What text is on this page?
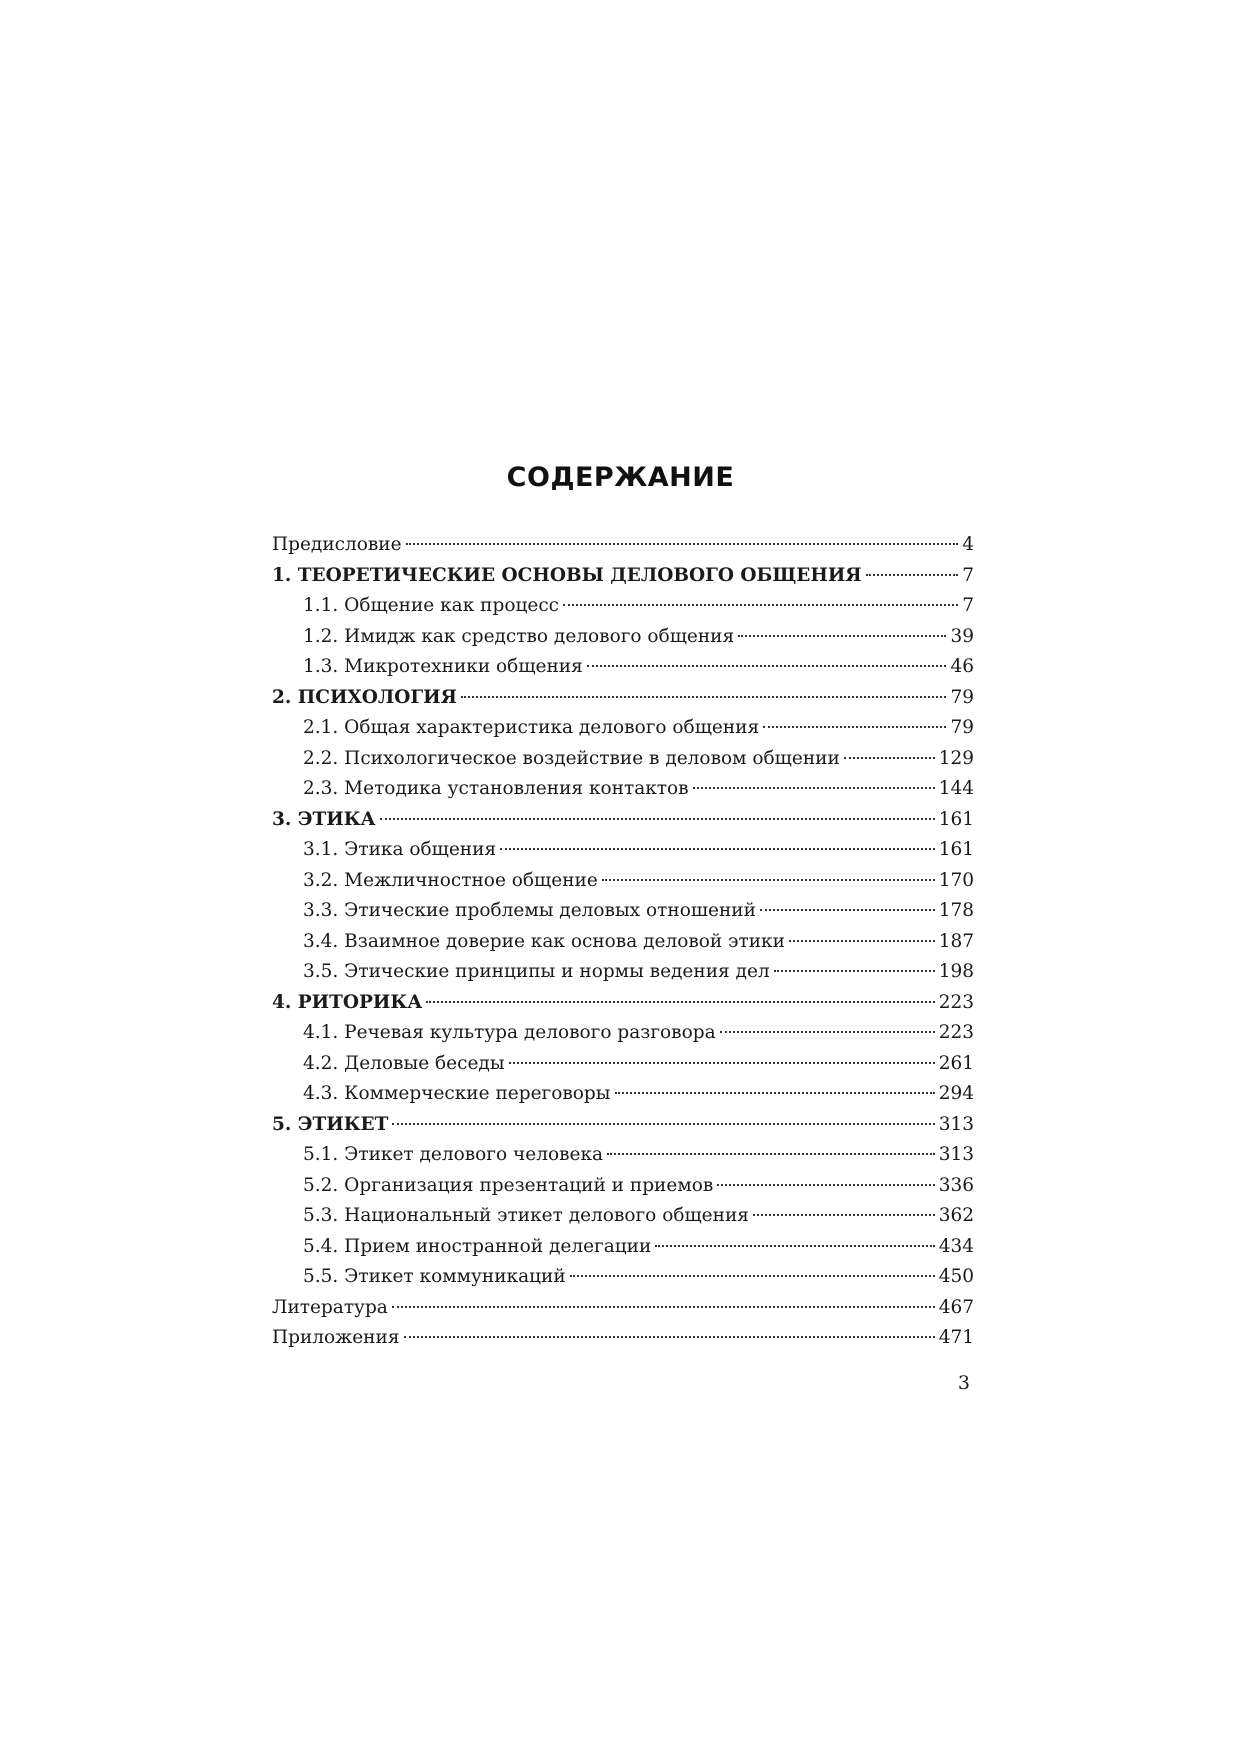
СОДЕРЖАНИЕ
Предисловие	4
1. ТЕОРЕТИЧЕСКИЕ ОСНОВЫ ДЕЛОВОГО ОБЩЕНИЯ	7
1.1. Общение как процесс	7
1.2. Имидж как средство делового общения	39
1.3. Микротехники общения	46
2. ПСИХОЛОГИЯ	79
2.1. Общая характеристика делового общения	79
2.2. Психологическое воздействие в деловом общении	129
2.3. Методика установления контактов	144
3. ЭТИКА	161
3.1. Этика общения	161
3.2. Межличностное общение	170
3.3. Этические проблемы деловых отношений	178
3.4. Взаимное доверие как основа деловой этики	187
3.5. Этические принципы и нормы ведения дел	198
4. РИТОРИКА	223
4.1. Речевая культура делового разговора	223
4.2. Деловые беседы	261
4.3. Коммерческие переговоры	294
5. ЭТИКЕТ	313
5.1. Этикет делового человека	313
5.2. Организация презентаций и приемов	336
5.3. Национальный этикет делового общения	362
5.4. Прием иностранной делегации	434
5.5. Этикет коммуникаций	450
Литература	467
Приложения	471
3
